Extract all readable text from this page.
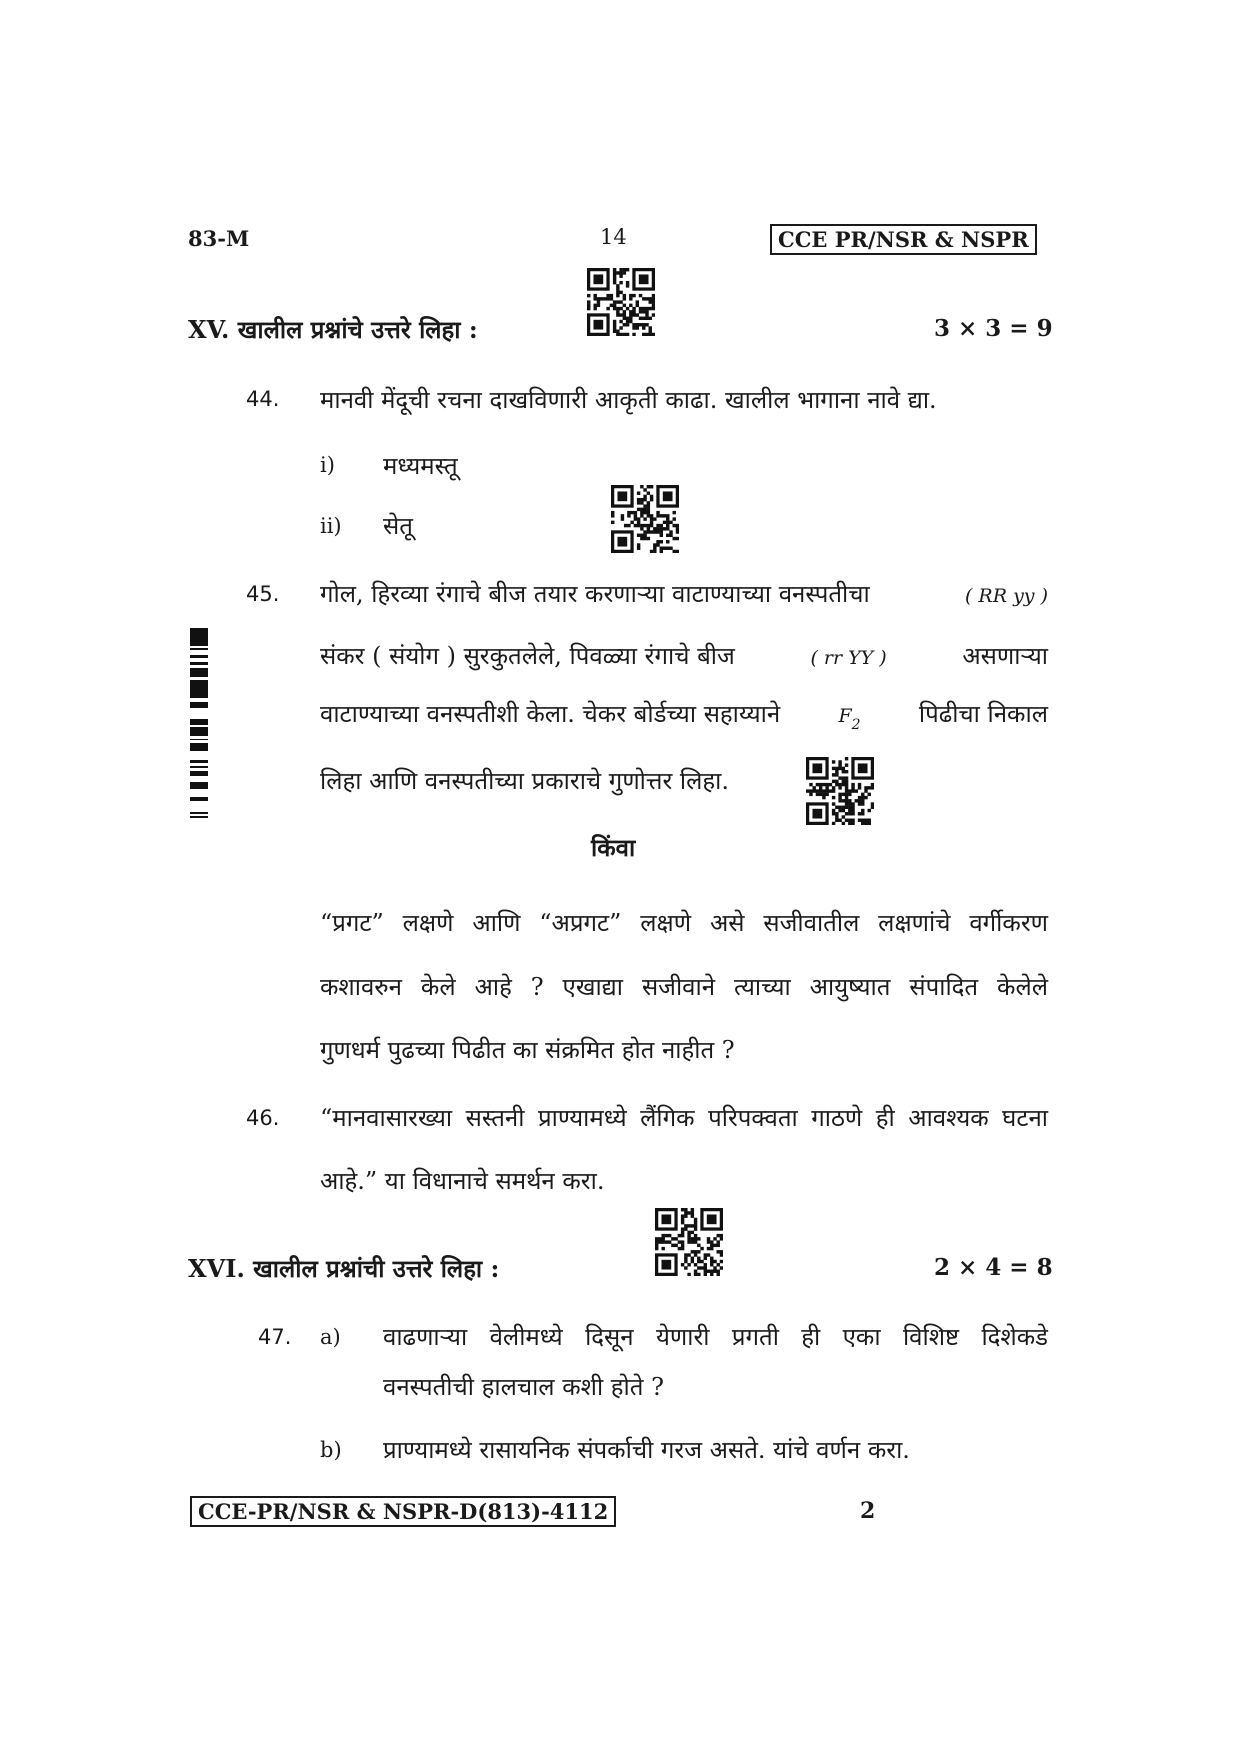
83-M	14	CCE PR/NSR & NSPR
XV. खालील प्रश्नांचे उत्तरे लिहा :	3 × 3 = 9
44. मानवी मेंदूची रचना दाखविणारी आकृती काढा. खालील भागाना नावे द्या.
i) मध्यमस्तू
ii) सेतू
45. गोल, हिरव्या रंगाचे बीज तयार करणाऱ्या वाटाण्याच्या वनस्पतीचा	( RR yy )
संकर ( संयोग ) सुरकुतलेले, पिवळ्या रंगाचे बीज	( rr YY )	असणाऱ्या
वाटाण्याच्या वनस्पतीशी केला. चेकर बोर्डच्या सहाय्याने	$F_2$ पिढीचा निकाल
लिहा आणि वनस्पतीच्या प्रकाराचे गुणोत्तर लिहा.
किंवा
“प्रगट” लक्षणे आणि “अप्रगट” लक्षणे असे सजीवातील लक्षणांचे वर्गीकरण
कशावरुन केले आहे ? एखाद्या सजीवाने त्याच्या आयुष्यात संपादित केलेले
गुणधर्म पुढच्या पिढीत का संक्रमित होत नाहीत ?
46. “मानवासारख्या सस्तनी प्राण्यामध्ये लैंगिक परिपक्वता गाठणे ही आवश्यक घटना
आहे.” या विधानाचे समर्थन करा.
XVI. खालील प्रश्नांची उत्तरे लिहा :	2 × 4 = 8
47. a) वाढणाऱ्या वेलीमध्ये दिसून येणारी प्रगती ही एका विशिष्ट दिशेकडे
वनस्पतीची हालचाल कशी होते ?
b) प्राण्यामध्ये रासायनिक संपर्काची गरज असते. यांचे वर्णन करा.
CCE-PR/NSR & NSPR-D(813)-4112	2
